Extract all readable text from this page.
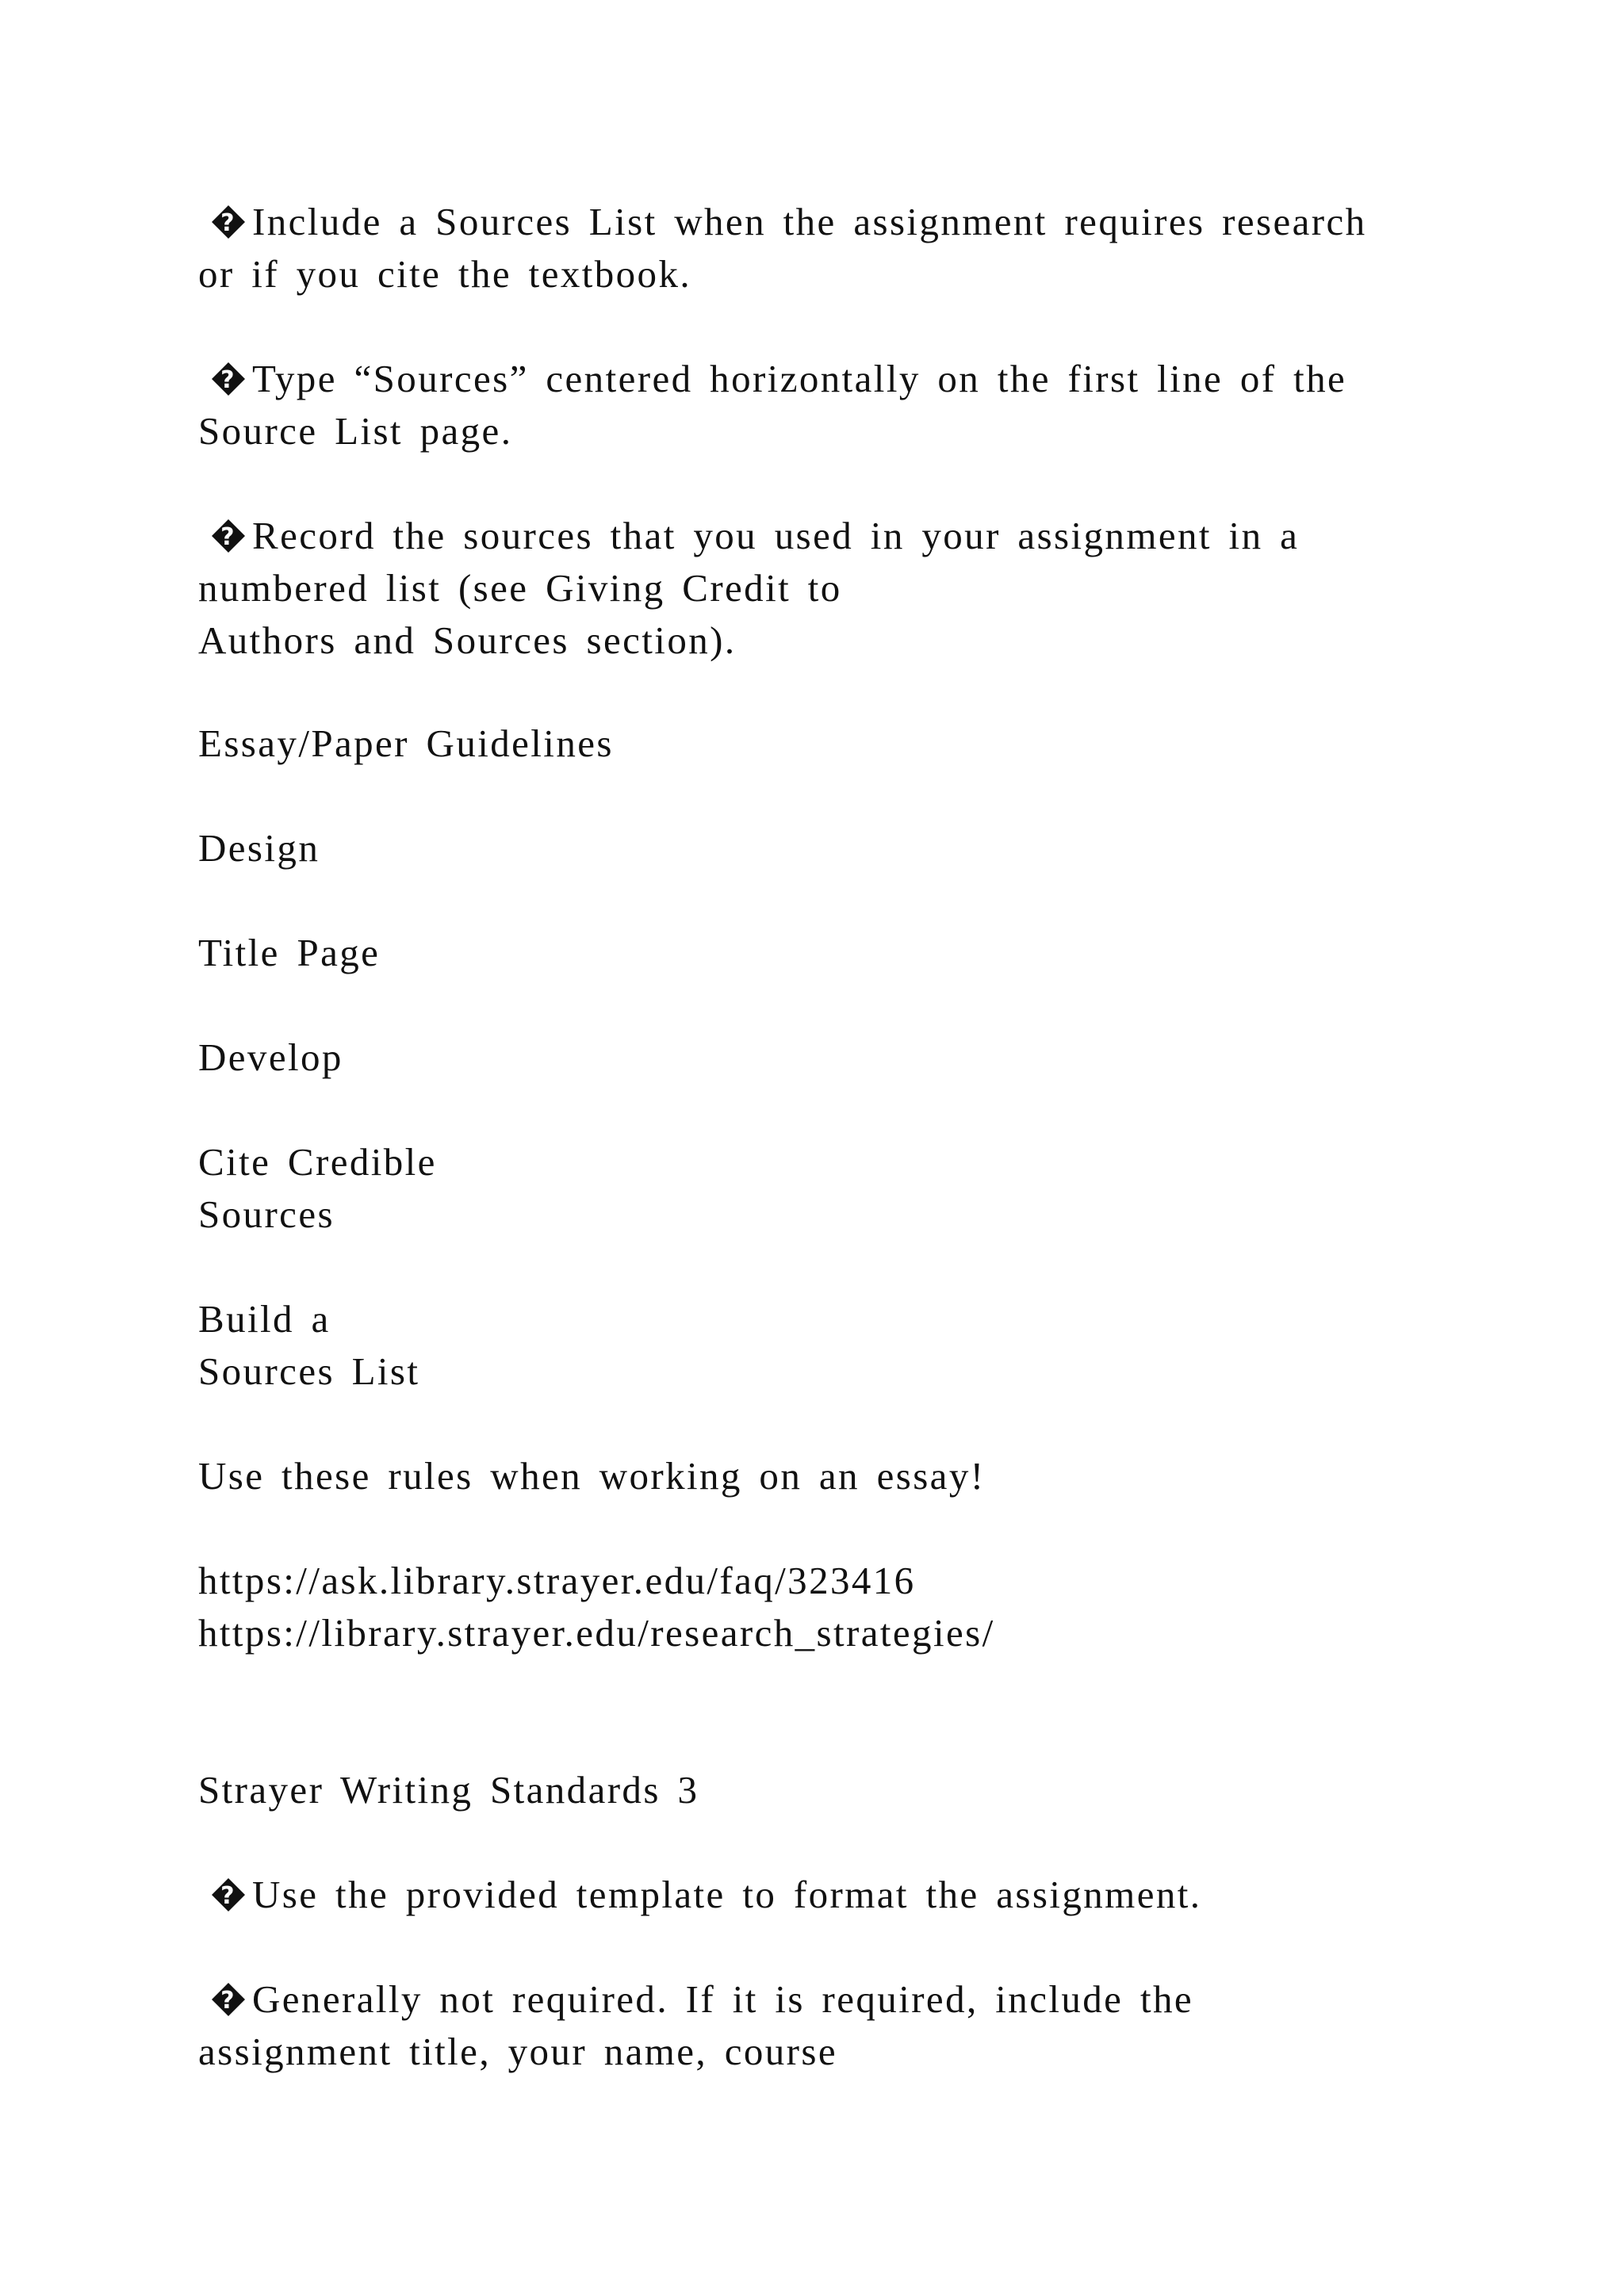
? Include a Sources List when the assignment requires research
or if you cite the textbook.
? Type “Sources” centered horizontally on the first line of the
Source List page.
? Record the sources that you used in your assignment in a
numbered list (see Giving Credit to
Authors and Sources section).
Essay/Paper Guidelines
Design
Title Page
Develop
Cite Credible
Sources
Build a
Sources List
Use these rules when working on an essay!
https://ask.library.strayer.edu/faq/323416
https://library.strayer.edu/research_strategies/
Strayer Writing Standards 3
? Use the provided template to format the assignment.
? Generally not required. If it is required, include the
assignment title, your name, course
